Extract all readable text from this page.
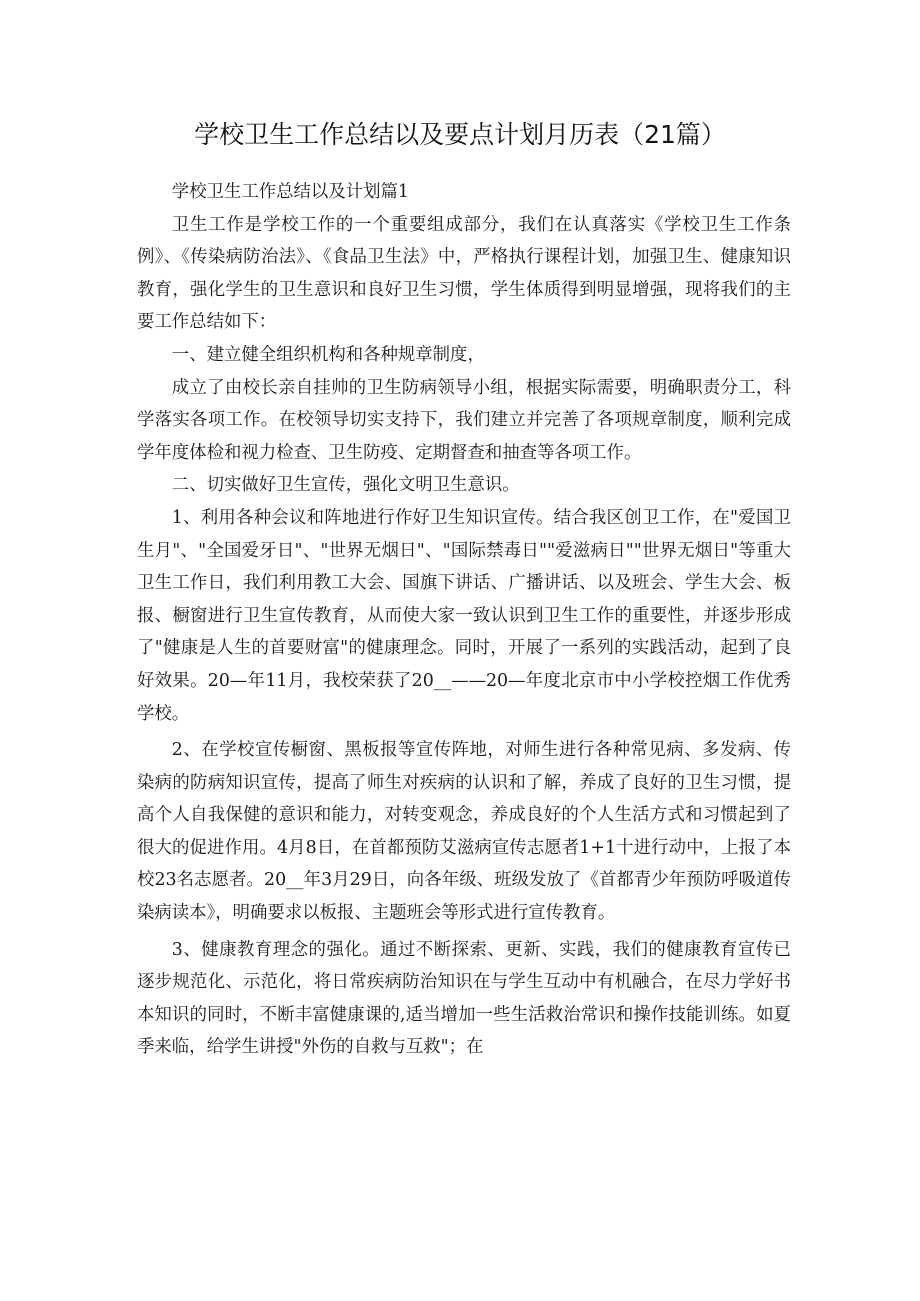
学校卫生工作总结以及要点计划月历表（21篇）

学校卫生工作总结以及计划篇1

卫生工作是学校工作的一个重要组成部分，我们在认真落实《学校卫生工作条例》、《传染病防治法》、《食品卫生法》中，严格执行课程计划，加强卫生、健康知识教育，强化学生的卫生意识和良好卫生习惯，学生体质得到明显增强，现将我们的主要工作总结如下：

一、建立健全组织机构和各种规章制度，

成立了由校长亲自挂帅的卫生防病领导小组，根据实际需要，明确职责分工，科学落实各项工作。在校领导切实支持下，我们建立并完善了各项规章制度，顺利完成学年度体检和视力检查、卫生防疫、定期督查和抽查等各项工作。

二、切实做好卫生宣传，强化文明卫生意识。

1、利用各种会议和阵地进行作好卫生知识宣传。结合我区创卫工作，在"爱国卫生月"、"全国爱牙日"、"世界无烟日"、"国际禁毒日""爱滋病日""世界无烟日"等重大卫生工作日，我们利用教工大会、国旗下讲话、广播讲话、以及班会、学生大会、板报、橱窗进行卫生宣传教育，从而使大家一致认识到卫生工作的重要性，并逐步形成了"健康是人生的首要财富"的健康理念。同时，开展了一系列的实践活动，起到了良好效果。20—年11月，我校荣获了20__——20—年度北京市中小学校控烟工作优秀学校。

2、在学校宣传橱窗、黑板报等宣传阵地，对师生进行各种常见病、多发病、传染病的防病知识宣传，提高了师生对疾病的认识和了解，养成了良好的卫生习惯，提高个人自我保健的意识和能力，对转变观念，养成良好的个人生活方式和习惯起到了很大的促进作用。4月8日，在首都预防艾滋病宣传志愿者1+1十进行动中，上报了本校23名志愿者。20__年3月29日，向各年级、班级发放了《首都青少年预防呼吸道传染病读本》，明确要求以板报、主题班会等形式进行宣传教育。

3、健康教育理念的强化。通过不断探索、更新、实践，我们的健康教育宣传已逐步规范化、示范化，将日常疾病防治知识在与学生互动中有机融合，在尽力学好书本知识的同时，不断丰富健康课的,适当增加一些生活救治常识和操作技能训练。如夏季来临，给学生讲授"外伤的自救与互救"；在
